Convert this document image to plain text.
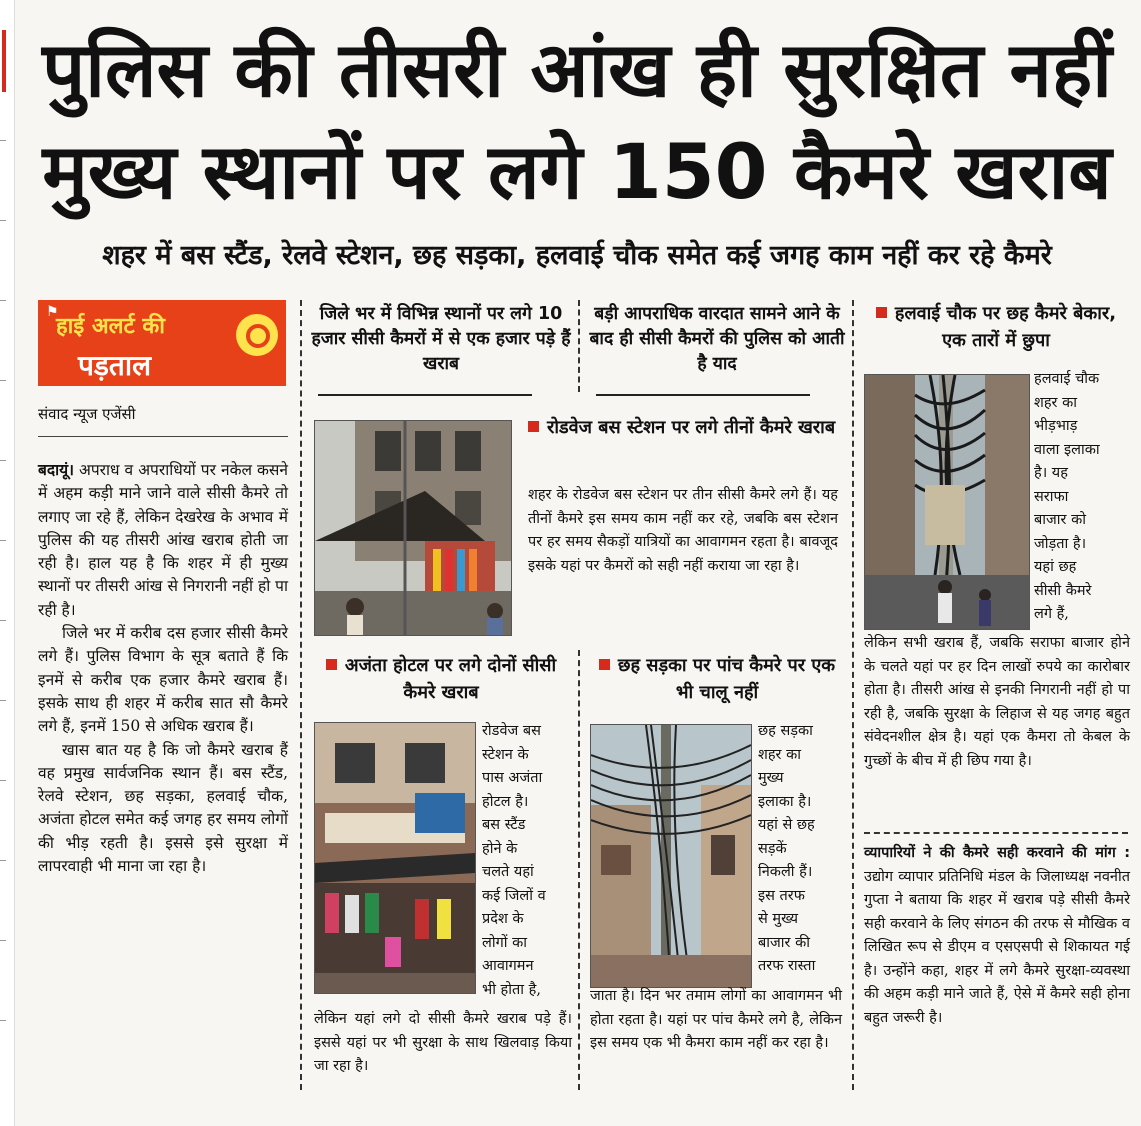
पुलिस की तीसरी आंख ही सुरक्षित नहीं
मुख्य स्थानों पर लगे 150 कैमरे खराब
शहर में बस स्टैंड, रेलवे स्टेशन, छह सड़का, हलवाई चौक समेत कई जगह काम नहीं कर रहे कैमरे
⚑
हाई अलर्ट की
पड़ताल
संवाद न्यूज एजेंसी

बदायूं। अपराध व अपराधियों पर नकेल कसने में अहम कड़ी माने जाने वाले सीसी कैमरे तो लगाए जा रहे हैं, लेकिन देखरेख के अभाव में पुलिस की यह तीसरी आंख खराब होती जा रही है। हाल यह है कि शहर में ही मुख्य स्थानों पर तीसरी आंख से निगरानी नहीं हो पा रही है।

जिले भर में करीब दस हजार सीसी कैमरे लगे हैं। पुलिस विभाग के सूत्र बताते हैं कि इनमें से करीब एक हजार कैमरे खराब हैं। इसके साथ ही शहर में करीब सात सौ कैमरे लगे हैं, इनमें 150 से अधिक खराब हैं।

खास बात यह है कि जो कैमरे खराब हैं वह प्रमुख सार्वजनिक स्थान हैं। बस स्टैंड, रेलवे स्टेशन, छह सड़का, हलवाई चौक, अजंता होटल समेत कई जगह हर समय लोगों की भीड़ रहती है। इससे इसे सुरक्षा में लापरवाही भी माना जा रहा है।

जिले भर में विभिन्न स्थानों पर लगे 10 हजार सीसी कैमरों में से एक हजार पड़े हैं खराब
बड़ी आपराधिक वारदात सामने आने के बाद ही सीसी कैमरों की पुलिस को आती है याद
रोडवेज बस स्टेशन पर लगे तीनों कैमरे खराब
शहर के रोडवेज बस स्टेशन पर तीन सीसी कैमरे लगे हैं। यह तीनों कैमरे इस समय काम नहीं कर रहे, जबकि बस स्टेशन पर हर समय सैकड़ों यात्रियों का आवागमन रहता है। बावजूद इसके यहां पर कैमरों को सही नहीं कराया जा रहा है।
अजंता होटल पर लगे दोनों सीसी कैमरे खराब
रोडवेज बस
स्टेशन के
पास अजंता
होटल है।
बस स्टैंड
होने के
चलते यहां
कई जिलों व
प्रदेश के
लोगों का
आवागमन
भी होता है,
लेकिन यहां लगे दो सीसी कैमरे खराब पड़े हैं। इससे यहां पर भी सुरक्षा के साथ खिलवाड़ किया जा रहा है।
छह सड़का पर पांच कैमरे पर एक भी चालू नहीं
छह सड़का
शहर का
मुख्य
इलाका है।
यहां से छह
सड़कें
निकली हैं।
इस तरफ
से मुख्य
बाजार की
तरफ रास्ता
जाता है। दिन भर तमाम लोगों का आवागमन भी होता रहता है। यहां पर पांच कैमरे लगे है, लेकिन इस समय एक भी कैमरा काम नहीं कर रहा है।
हलवाई चौक पर छह कैमरे बेकार, एक तारों में छुपा
हलवाई चौक
शहर का
भीड़भाड़
वाला इलाका
है। यह
सराफा
बाजार को
जोड़ता है।
यहां छह
सीसी कैमरे
लगे हैं,
लेकिन सभी खराब हैं, जबकि सराफा बाजार होने के चलते यहां पर हर दिन लाखों रुपये का कारोबार होता है। तीसरी आंख से इनकी निगरानी नहीं हो पा रही है, जबकि सुरक्षा के लिहाज से यह जगह बहुत संवेदनशील क्षेत्र है। यहां एक कैमरा तो केबल के गुच्छों के बीच में ही छिप गया है।
व्यापारियों ने की कैमरे सही करवाने की मांग : उद्योग व्यापार प्रतिनिधि मंडल के जिलाध्यक्ष नवनीत गुप्ता ने बताया कि शहर में खराब पड़े सीसी कैमरे सही करवाने के लिए संगठन की तरफ से मौखिक व लिखित रूप से डीएम व एसएसपी से शिकायत गई है। उन्होंने कहा, शहर में लगे कैमरे सुरक्षा-व्यवस्था की अहम कड़ी माने जाते हैं, ऐसे में कैमरे सही होना बहुत जरूरी है।
